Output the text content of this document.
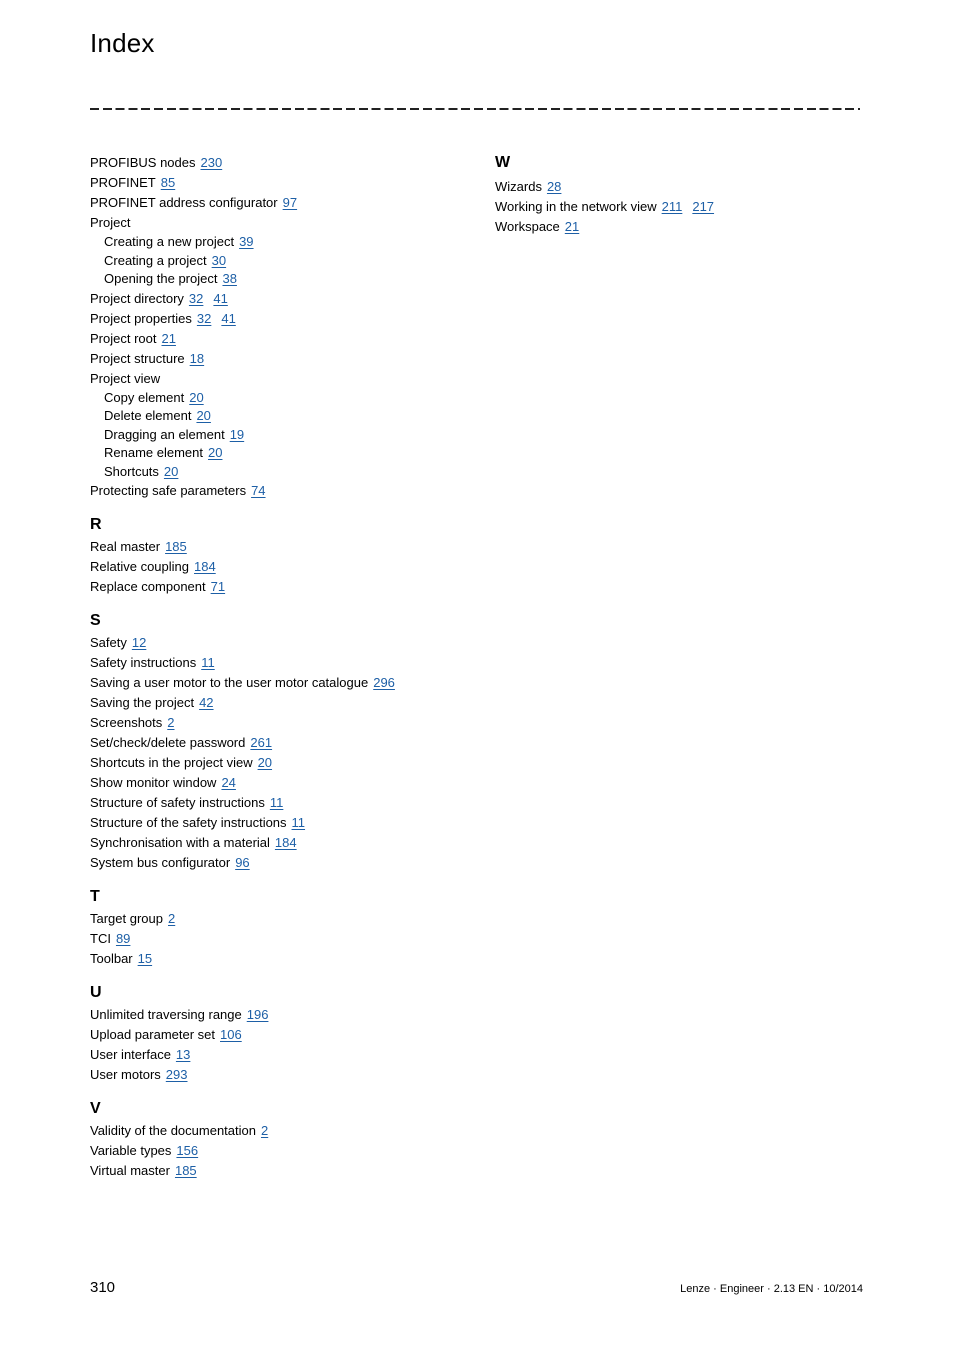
Index
PROFIBUS nodes 230
PROFINET 85
PROFINET address configurator 97
Project
Creating a new project 39
Creating a project 30
Opening the project 38
Project directory 32 41
Project properties 32 41
Project root 21
Project structure 18
Project view
Copy element 20
Delete element 20
Dragging an element 19
Rename element 20
Shortcuts 20
Protecting safe parameters 74
R
Real master 185
Relative coupling 184
Replace component 71
S
Safety 12
Safety instructions 11
Saving a user motor to the user motor catalogue 296
Saving the project 42
Screenshots 2
Set/check/delete password 261
Shortcuts in the project view 20
Show monitor window 24
Structure of safety instructions 11
Structure of the safety instructions 11
Synchronisation with a material 184
System bus configurator 96
T
Target group 2
TCI 89
Toolbar 15
U
Unlimited traversing range 196
Upload parameter set 106
User interface 13
User motors 293
V
Validity of the documentation 2
Variable types 156
Virtual master 185
W
Wizards 28
Working in the network view 211 217
Workspace 21
310	Lenze · Engineer · 2.13 EN · 10/2014
